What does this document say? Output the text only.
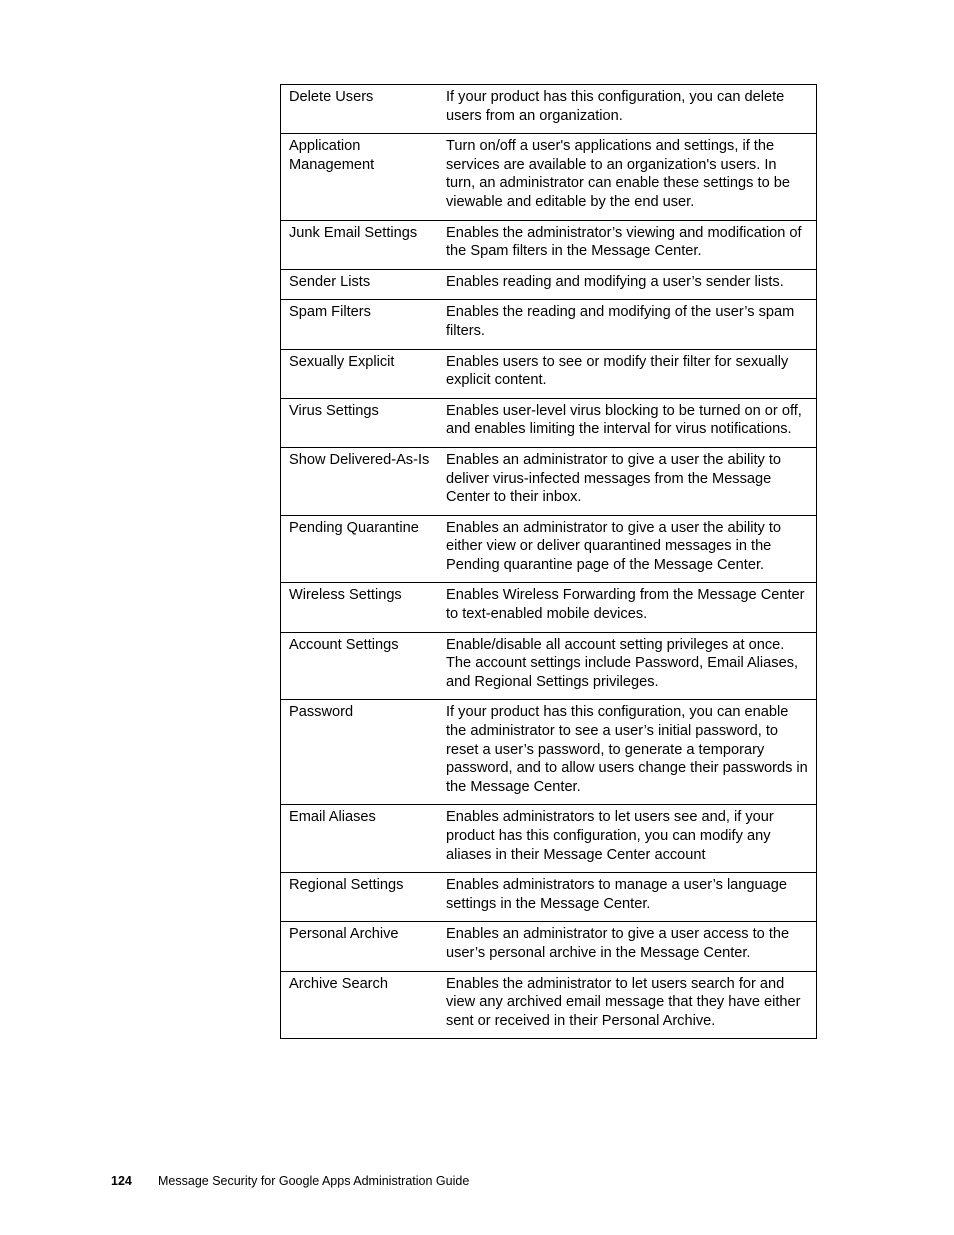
Delete Users	If your product has this configuration, you can delete users from an organization.
Application Management	Turn on/off a user's applications and settings, if the services are available to an organization's users. In turn, an administrator can enable these settings to be viewable and editable by the end user.
Junk Email Settings	Enables the administrator’s viewing and modification of the Spam filters in the Message Center.
Sender Lists	Enables reading and modifying a user’s sender lists.
Spam Filters	Enables the reading and modifying of the user’s spam filters.
Sexually Explicit	Enables users to see or modify their filter for sexually explicit content.
Virus Settings	Enables user-level virus blocking to be turned on or off, and enables limiting the interval for virus notifications.
Show Delivered-As-Is	Enables an administrator to give a user the ability to deliver virus-infected messages from the Message Center to their inbox.
Pending Quarantine	Enables an administrator to give a user the ability to either view or deliver quarantined messages in the Pending quarantine page of the Message Center.
Wireless Settings	Enables Wireless Forwarding from the Message Center to text-enabled mobile devices.
Account Settings	Enable/disable all account setting privileges at once. The account settings include Password, Email Aliases, and Regional Settings privileges.
Password	If your product has this configuration, you can enable the administrator to see a user’s initial password, to reset a user’s password, to generate a temporary password, and to allow users change their passwords in the Message Center.
Email Aliases	Enables administrators to let users see and, if your product has this configuration, you can modify any aliases in their Message Center account
Regional Settings	Enables administrators to manage a user’s language settings in the Message Center.
Personal Archive	Enables an administrator to give a user access to the user’s personal archive in the Message Center.
Archive Search	Enables the administrator to let users search for and view any archived email message that they have either sent or received in their Personal Archive.
124	Message Security for Google Apps Administration Guide
